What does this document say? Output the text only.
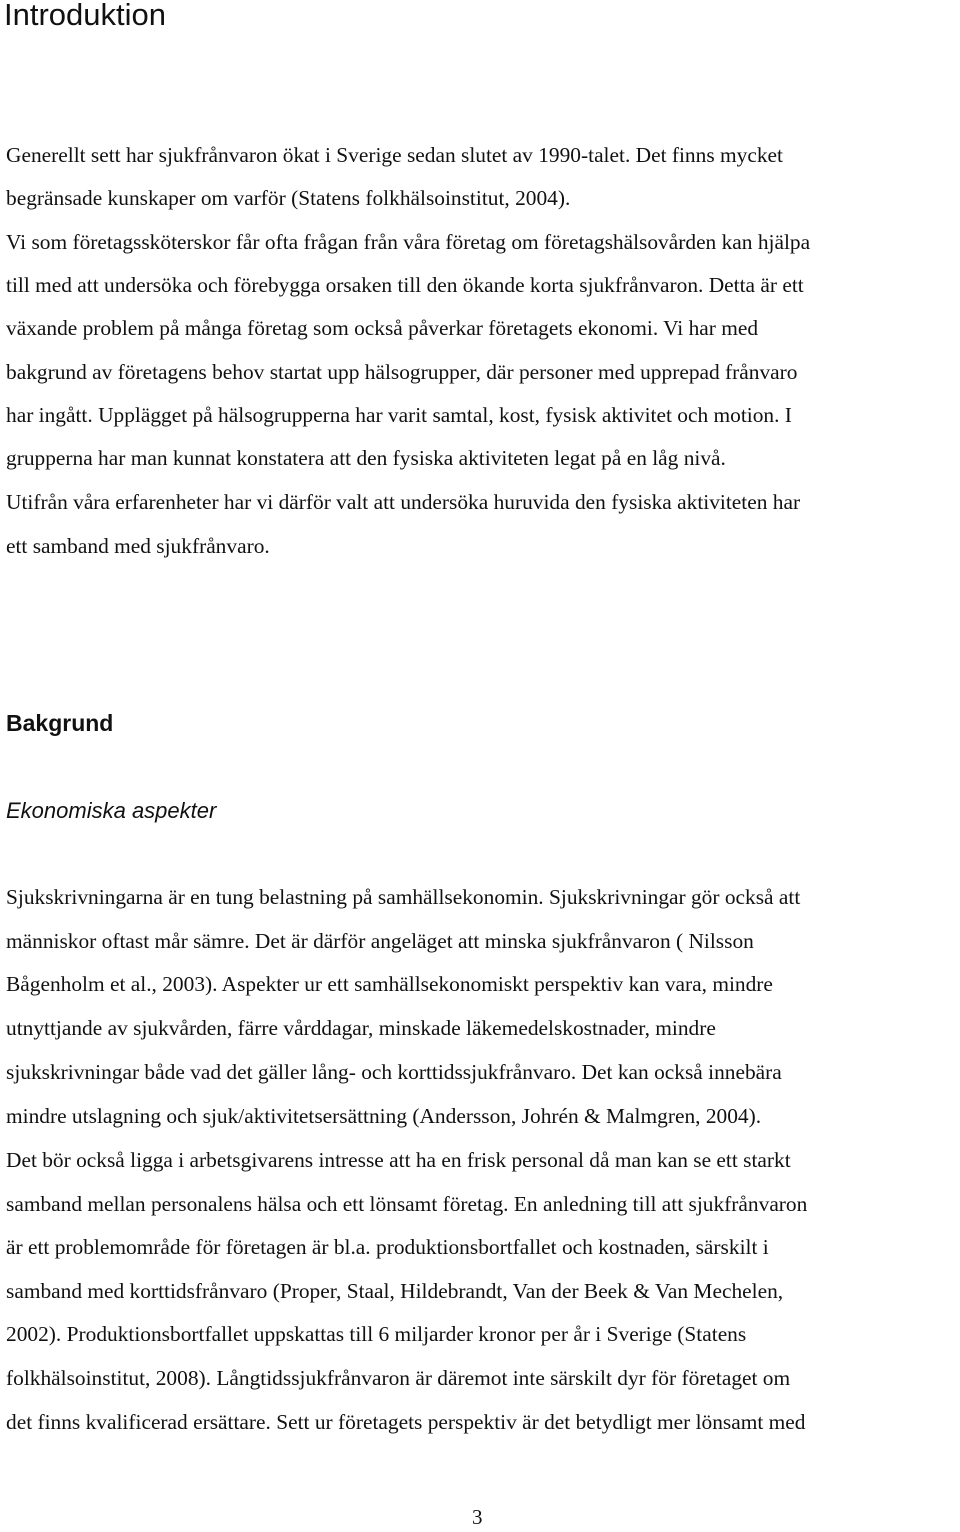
Introduktion
Generellt sett har sjukfrånvaron ökat i Sverige sedan slutet av 1990-talet. Det finns mycket
begränsade kunskaper om varför (Statens folkhälsoinstitut, 2004).
Vi som företagssköterskor får ofta frågan från våra företag om företagshälsovården kan hjälpa
till med att undersöka och förebygga orsaken till den ökande korta sjukfrånvaron. Detta är ett
växande problem på många företag som också påverkar företagets ekonomi. Vi har med
bakgrund av företagens behov startat upp hälsogrupper, där personer med upprepad frånvaro
har ingått. Upplägget på hälsogrupperna har varit samtal, kost, fysisk aktivitet och motion. I
grupperna har man kunnat konstatera att den fysiska aktiviteten legat på en låg nivå.
Utifrån våra erfarenheter har vi därför valt att undersöka huruvida den fysiska aktiviteten har
ett samband med sjukfrånvaro.
Bakgrund
Ekonomiska aspekter
Sjukskrivningarna är en tung belastning på samhällsekonomin. Sjukskrivningar gör också att
människor oftast mår sämre. Det är därför angeläget att minska sjukfrånvaron ( Nilsson
Bågenholm et al., 2003). Aspekter ur ett samhällsekonomiskt perspektiv kan vara, mindre
utnyttjande av sjukvården, färre vårddagar, minskade läkemedelskostnader, mindre
sjukskrivningar både vad det gäller lång- och korttidssjukfrånvaro. Det kan också innebära
mindre utslagning och sjuk/aktivitetsersättning (Andersson, Johrén & Malmgren, 2004).
Det bör också ligga i arbetsgivarens intresse att ha en frisk personal då man kan se ett starkt
samband mellan personalens hälsa och ett lönsamt företag. En anledning till att sjukfrånvaron
är ett problemområde för företagen är bl.a. produktionsbortfallet och kostnaden, särskilt i
samband med korttidsfrånvaro (Proper, Staal, Hildebrandt, Van der Beek & Van Mechelen,
2002). Produktionsbortfallet uppskattas till 6 miljarder kronor per år i Sverige (Statens
folkhälsoinstitut, 2008). Långtidssjukfrånvaron är däremot inte särskilt dyr för företaget om
det finns kvalificerad ersättare. Sett ur företagets perspektiv är det betydligt mer lönsamt med
3
